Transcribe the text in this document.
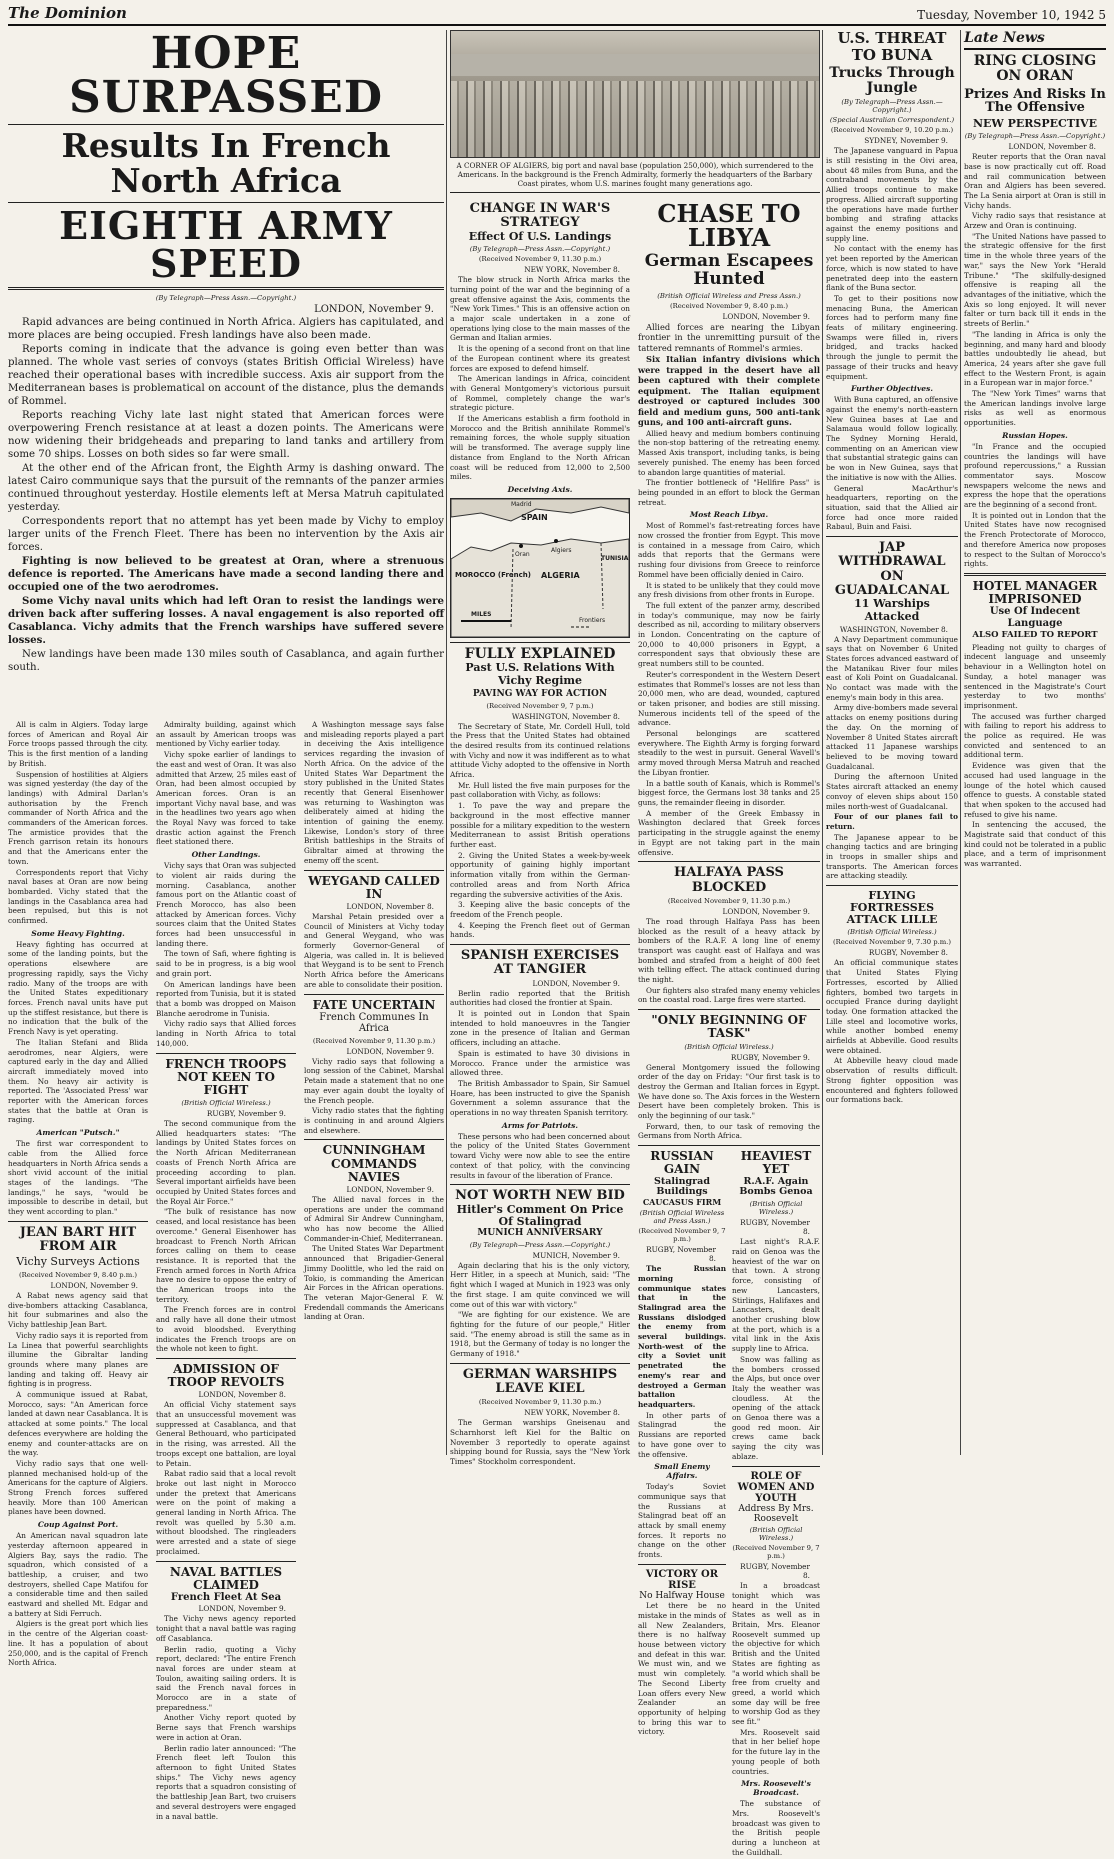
The Dominion	Tuesday, November 10, 1942 5
HOPE SURPASSED
Results In French North Africa
EIGHTH ARMY SPEED
(By Telegraph—Press Assn.—Copyright.)
LONDON, November 9.

Rapid advances are being continued in North Africa. Algiers has capitulated, and more places are being occupied. Fresh landings have also been made.

Reports coming in indicate that the advance is going even better than was planned. The whole vast series of convoys (states British Official Wireless) have reached their operational bases with incredible success. Axis air support from the Mediterranean bases is problematical on account of the distance, plus the demands of Rommel.

Reports reaching Vichy late last night stated that American forces were overpowering French resistance at at least a dozen points. The Americans were now widening their bridgeheads and preparing to land tanks and artillery from some 70 ships. Losses on both sides so far were small.

At the other end of the African front, the Eighth Army is dashing onward. The latest Cairo communique says that the pursuit of the remnants of the panzer armies continued throughout yesterday. Hostile elements left at Mersa Matruh capitulated yesterday.

Correspondents report that no attempt has yet been made by Vichy to employ larger units of the French Fleet. There has been no intervention by the Axis air forces.

Fighting is now believed to be greatest at Oran, where a strenuous defence is reported. The Americans have made a second landing there and occupied one of the two aerodromes.

Some Vichy naval units which had left Oran to resist the landings were driven back after suffering losses. A naval engagement is also reported off Casablanca. Vichy admits that the French warships have suffered severe losses.

New landings have been made 130 miles south of Casablanca, and again further south.

All is calm in Algiers. Today large forces of American and Royal Air Force troops passed through the city. This is the first mention of a landing by British.

Suspension of hostilities at Algiers was signed yesterday (the day of the landings) with Admiral Darlan's authorisation by the French commander of North Africa and the commanders of the American forces. The armistice provides that the French garrison retain its honours and that the Americans enter the town.

Correspondents report that Vichy naval bases at Oran are now being bombarded. Vichy stated that the landings in the Casablanca area had been repulsed, but this is not confirmed.

Some Heavy Fighting.

Heavy fighting has occurred at some of the landing points, but the operations elsewhere are progressing rapidly, says the Vichy radio. Many of the troops are with the United States expeditionary forces. French naval units have put up the stiffest resistance, but there is no indication that the bulk of the French Navy is yet operating.

The Italian Stefani and Blida aerodromes, near Algiers, were captured early in the day and Allied aircraft immediately moved into them. No heavy air activity is reported. The 'Associated Press' war reporter with the American forces states that the battle at Oran is raging.

American "Putsch."

The first war correspondent to cable from the Allied force headquarters in North Africa sends a short vivid account of the initial stages of the landings. "The landings," he says, "would be impossible to describe in detail, but they went according to plan."

JEAN BART HIT FROM AIR
Vichy Surveys Actions
(Received November 9, 8.40 p.m.)
LONDON, November 9.

A Rabat news agency said that dive-bombers attacking Casablanca, hit four submarines and also the Vichy battleship Jean Bart.

Vichy radio says it is reported from La Linea that powerful searchlights illumine the Gibraltar landing grounds where many planes are landing and taking off. Heavy air fighting is in progress.

A communique issued at Rabat, Morocco, says: "An American force landed at dawn near Casablanca. It is attacked at some points." The local defences everywhere are holding the enemy and counter-attacks are on the way.

Vichy radio says that one well-planned mechanised hold-up of the Americans for the capture of Algiers. Strong French forces suffered heavily. More than 100 American planes have been downed.

Coup Against Port.

An American naval squadron late yesterday afternoon appeared in Algiers Bay, says the radio. The squadron, which consisted of a battleship, a cruiser, and two destroyers, shelled Cape Matifou for a considerable time and then sailed eastward and shelled Mt. Edgar and a battery at Sidi Ferruch.

Algiers is the great port which lies in the centre of the Algerian coast-line. It has a population of about 250,000, and is the capital of French North Africa.

Admiralty building, against which an assault by American troops was mentioned by Vichy earlier today.

Vichy spoke earlier of landings to the east and west of Oran. It was also admitted that Arzew, 25 miles east of Oran, had been almost occupied by American forces. Oran is an important Vichy naval base, and was in the headlines two years ago when the Royal Navy was forced to take drastic action against the French fleet stationed there.

Other Landings.

Vichy says that Oran was subjected to violent air raids during the morning. Casablanca, another famous port on the Atlantic coast of French Morocco, has also been attacked by American forces. Vichy sources claim that the United States forces had been unsuccessful in landing there.

The town of Safi, where fighting is said to be in progress, is a big wool and grain port.

On American landings have been reported from Tunisia, but it is stated that a bomb was dropped on Maison Blanche aerodrome in Tunisia.

Vichy radio says that Allied forces landing in North Africa to total 140,000.

FRENCH TROOPS NOT KEEN TO FIGHT
(British Official Wireless.)
RUGBY, November 9.

The second communique from the Allied headquarters states: "The landings by United States forces on the North African Mediterranean coasts of French North Africa are proceeding according to plan. Several important airfields have been occupied by United States forces and the Royal Air Force."

"The bulk of resistance has now ceased, and local resistance has been overcome." General Eisenhower has broadcast to French North African forces calling on them to cease resistance. It is reported that the French armed forces in North Africa have no desire to oppose the entry of the American troops into the territory.

The French forces are in control and rally have all done their utmost to avoid bloodshed. Everything indicates the French troops are on the whole not keen to fight.

ADMISSION OF TROOP REVOLTS
LONDON, November 8.

An official Vichy statement says that an unsuccessful movement was suppressed at Casablanca, and that General Bethouard, who participated in the rising, was arrested. All the troops except one battalion, are loyal to Petain.

Rabat radio said that a local revolt broke out last night in Morocco under the pretext that Americans were on the point of making a general landing in North Africa. The revolt was quelled by 5.30 a.m. without bloodshed. The ringleaders were arrested and a state of siege proclaimed.

NAVAL BATTLES CLAIMED
French Fleet At Sea
LONDON, November 9.

The Vichy news agency reported tonight that a naval battle was raging off Casablanca.

Berlin radio, quoting a Vichy report, declared: "The entire French naval forces are under steam at Toulon, awaiting sailing orders. It is said the French naval forces in Morocco are in a state of preparedness."

Another Vichy report quoted by Berne says that French warships were in action at Oran.

Berlin radio later announced: "The French fleet left Toulon this afternoon to fight United States ships." The Vichy news agency reports that a squadron consisting of the battleship Jean Bart, two cruisers and several destroyers were engaged in a naval battle.

A Washington message says false and misleading reports played a part in deceiving the Axis intelligence services regarding the invasion of North Africa. On the advice of the United States War Department the story published in the United States recently that General Eisenhower was returning to Washington was deliberately aimed at hiding the intention of gaining the enemy. Likewise, London's story of three British battleships in the Straits of Gibraltar aimed at throwing the enemy off the scent.

WEYGAND CALLED IN
LONDON, November 8.

Marshal Petain presided over a Council of Ministers at Vichy today and General Weygand, who was formerly Governor-General of Algeria, was called in. It is believed that Weygand is to be sent to French North Africa before the Americans are able to consolidate their position.

FATE UNCERTAIN
French Communes In Africa
(Received November 9, 11.30 p.m.)
LONDON, November 9.

Vichy radio says that following a long session of the Cabinet, Marshal Petain made a statement that no one may ever again doubt the loyalty of the French people.

Vichy radio states that the fighting is continuing in and around Algiers and elsewhere.

CUNNINGHAM COMMANDS NAVIES
LONDON, November 9.

The Allied naval forces in the operations are under the command of Admiral Sir Andrew Cunningham, who has now become the Allied Commander-in-Chief, Mediterranean.

The United States War Department announced that Brigadier-General Jimmy Doolittle, who led the raid on Tokio, is commanding the American Air Forces in the African operations. The veteran Major-General F. W. Fredendall commands the Americans landing at Oran.

A CORNER OF ALGIERS, big port and naval base (population 250,000), which surrendered to the Americans. In the background is the French Admiralty, formerly the headquarters of the Barbary Coast pirates, whom U.S. marines fought many generations ago.
CHANGE IN WAR'S STRATEGY
Effect Of U.S. Landings
(By Telegraph—Press Assn.—Copyright.)
(Received November 9, 11.30 p.m.)
NEW YORK, November 8.

The blow struck in North Africa marks the turning point of the war and the beginning of a great offensive against the Axis, comments the "New York Times." This is an offensive action on a major scale undertaken in a zone of operations lying close to the main masses of the German and Italian armies.

It is the opening of a second front on that line of the European continent where its greatest forces are exposed to defend himself.

The American landings in Africa, coincident with General Montgomery's victorious pursuit of Rommel, completely change the war's strategic picture.

If the Americans establish a firm foothold in Morocco and the British annihilate Rommel's remaining forces, the whole supply situation will be transformed. The average supply line distance from England to the North African coast will be reduced from 12,000 to 2,500 miles.

Deceiving Axis.
SPAIN
Madrid
MOROCCO (French) ALGERIA
Oran
Algiers
TUNISIA
MILES
Frontiers
FULLY EXPLAINED
Past U.S. Relations With Vichy Regime
PAVING WAY FOR ACTION
(Received November 9, 7 p.m.)
WASHINGTON, November 8.

The Secretary of State, Mr. Cordell Hull, told the Press that the United States had obtained the desired results from its continued relations with Vichy and now it was indifferent as to what attitude Vichy adopted to the offensive in North Africa.

Mr. Hull listed the five main purposes for the past collaboration with Vichy, as follows:

1. To pave the way and prepare the background in the most effective manner possible for a military expedition to the western Mediterranean to assist British operations further east.

2. Giving the United States a week-by-week opportunity of gaining highly important information vitally from within the German-controlled areas and from North Africa regarding the subversive activities of the Axis.

3. Keeping alive the basic concepts of the freedom of the French people.

4. Keeping the French fleet out of German hands.

SPANISH EXERCISES AT TANGIER
LONDON, November 9.

Berlin radio reported that the British authorities had closed the frontier at Spain.

It is pointed out in London that Spain intended to hold manoeuvres in the Tangier zone in the presence of Italian and German officers, including an attache.

Spain is estimated to have 30 divisions in Morocco. France under the armistice was allowed three.

The British Ambassador to Spain, Sir Samuel Hoare, has been instructed to give the Spanish Government a solemn assurance that the operations in no way threaten Spanish territory.

Arms for Patriots.

These persons who had been concerned about the policy of the United States Government toward Vichy were now able to see the entire context of that policy, with the convincing results in favour of the liberation of France.

NOT WORTH NEW BID
Hitler's Comment On Price Of Stalingrad
MUNICH ANNIVERSARY
(By Telegraph—Press Assn.—Copyright.)
MUNICH, November 9.

Again declaring that his is the only victory, Herr Hitler, in a speech at Munich, said: "The fight which I waged at Munich in 1923 was only the first stage. I am quite convinced we will come out of this war with victory."

"We are fighting for our existence. We are fighting for the future of our people," Hitler said. "The enemy abroad is still the same as in 1918, but the Germany of today is no longer the Germany of 1918."

GERMAN WARSHIPS LEAVE KIEL
(Received November 9, 11.30 p.m.)
NEW YORK, November 8.

The German warships Gneisenau and Scharnhorst left Kiel for the Baltic on November 3 reportedly to operate against shipping bound for Russia, says the "New York Times" Stockholm correspondent.

CHASE TO LIBYA
German Escapees Hunted
(British Official Wireless and Press Assn.)
(Received November 9, 8.40 p.m.)
LONDON, November 9.

Allied forces are nearing the Libyan frontier in the unremitting pursuit of the tattered remnants of Rommel's armies.

Six Italian infantry divisions which were trapped in the desert have all been captured with their complete equipment. The Italian equipment destroyed or captured includes 300 field and medium guns, 500 anti-tank guns, and 100 anti-aircraft guns.

Allied heavy and medium bombers continuing the non-stop battering of the retreating enemy. Massed Axis transport, including tanks, is being severely punished. The enemy has been forced to abandon large quantities of material.

The frontier bottleneck of "Hellfire Pass" is being pounded in an effort to block the German retreat.

Most Reach Libya.

Most of Rommel's fast-retreating forces have now crossed the frontier from Egypt. This move is contained in a message from Cairo, which adds that reports that the Germans were rushing four divisions from Greece to reinforce Rommel have been officially denied in Cairo.

It is stated to be unlikely that they could move any fresh divisions from other fronts in Europe.

The full extent of the panzer army, described in today's communique, may now be fairly described as nil, according to military observers in London. Concentrating on the capture of 20,000 to 40,000 prisoners in Egypt, a correspondent says that obviously these are great numbers still to be counted.

Reuter's correspondent in the Western Desert estimates that Rommel's losses are not less than 20,000 men, who are dead, wounded, captured or taken prisoner, and bodies are still missing. Numerous incidents tell of the speed of the advance.

Personal belongings are scattered everywhere. The Eighth Army is forging forward steadily to the west in pursuit. General Wavell's army moved through Mersa Matruh and reached the Libyan frontier.

In a battle south of Kanais, which is Rommel's biggest force, the Germans lost 38 tanks and 25 guns, the remainder fleeing in disorder.

A member of the Greek Embassy in Washington declared that Greek forces participating in the struggle against the enemy in Egypt are not taking part in the main offensive.

HALFAYA PASS BLOCKED
(Received November 9, 11.30 p.m.)
LONDON, November 9.

The road through Halfaya Pass has been blocked as the result of a heavy attack by bombers of the R.A.F. A long line of enemy transport was caught east of Halfaya and was bombed and strafed from a height of 800 feet with telling effect. The attack continued during the night.

Our fighters also strafed many enemy vehicles on the coastal road. Large fires were started.

"ONLY BEGINNING OF TASK"
(British Official Wireless.)
RUGBY, November 9.

General Montgomery issued the following order of the day on Friday: "Our first task is to destroy the German and Italian forces in Egypt. We have done so. The Axis forces in the Western Desert have been completely broken. This is only the beginning of our task."

Forward, then, to our task of removing the Germans from North Africa.

RUSSIAN GAIN
Stalingrad Buildings
CAUCASUS FIRM
(British Official Wireless and Press Assn.)
(Received November 9, 7 p.m.)
RUGBY, November 8.

The Russian morning communique states that in the Stalingrad area the Russians dislodged the enemy from several buildings. North-west of the city a Soviet unit penetrated the enemy's rear and destroyed a German battalion headquarters.

In other parts of Stalingrad the Russians are reported to have gone over to the offensive.

Small Enemy Affairs.

Today's Soviet communique says that the Russians at Stalingrad beat off an attack by small enemy forces. It reports no change on the other fronts.

VICTORY OR RISE
No Halfway House

Let there be no mistake in the minds of all New Zealanders, there is no halfway house between victory and defeat in this war. We must win, and we must win completely. The Second Liberty Loan offers every New Zealander an opportunity of helping to bring this war to victory.

HEAVIEST YET
R.A.F. Again Bombs Genoa
(British Official Wireless.)
RUGBY, November 8.

Last night's R.A.F. raid on Genoa was the heaviest of the war on that town. A strong force, consisting of new Lancasters, Stirlings, Halifaxes and Lancasters, dealt another crushing blow at the port, which is a vital link in the Axis supply line to Africa.

Snow was falling as the bombers crossed the Alps, but once over Italy the weather was cloudless. At the opening of the attack on Genoa there was a good red moon. Air crews came back saying the city was ablaze.

ROLE OF WOMEN AND YOUTH
Address By Mrs. Roosevelt
(British Official Wireless.)
(Received November 9, 7 p.m.)
RUGBY, November 8.

In a broadcast tonight which was heard in the United States as well as in Britain, Mrs. Eleanor Roosevelt summed up the objective for which British and the United States are fighting as "a world which shall be free from cruelty and greed, a world which some day will be free to worship God as they see fit."

Mrs. Roosevelt said that in her belief hope for the future lay in the young people of both countries.

Mrs. Roosevelt's Broadcast.

The substance of Mrs. Roosevelt's broadcast was given to the British people during a luncheon at the Guildhall.

U.S. THREAT TO BUNA
Trucks Through Jungle
(By Telegraph—Press Assn.—Copyright.)
(Special Australian Correspondent.)
(Received November 9, 10.20 p.m.)
SYDNEY, November 9.

The Japanese vanguard in Papua is still resisting in the Oivi area, about 48 miles from Buna, and the contraband movements by the Allied troops continue to make progress. Allied aircraft supporting the operations have made further bombing and strafing attacks against the enemy positions and supply line.

No contact with the enemy has yet been reported by the American force, which is now stated to have penetrated deep into the eastern flank of the Buna sector.

To get to their positions now menacing Buna, the American forces had to perform many fine feats of military engineering. Swamps were filled in, rivers bridged, and tracks hacked through the jungle to permit the passage of their trucks and heavy equipment.

Further Objectives.

With Buna captured, an offensive against the enemy's north-eastern New Guinea bases at Lae and Salamaua would follow logically. The Sydney Morning Herald, commenting on an American view that substantial strategic gains can be won in New Guinea, says that the initiative is now with the Allies.

General MacArthur's headquarters, reporting on the situation, said that the Allied air force had once more raided Rabaul, Buin and Faisi.

JAP WITHDRAWAL ON GUADALCANAL
11 Warships Attacked
WASHINGTON, November 8.

A Navy Department communique says that on November 6 United States forces advanced eastward of the Matanikau River four miles east of Koli Point on Guadalcanal. No contact was made with the enemy's main body in this area.

Army dive-bombers made several attacks on enemy positions during the day. On the morning of November 8 United States aircraft attacked 11 Japanese warships believed to be moving toward Guadalcanal.

During the afternoon United States aircraft attacked an enemy convoy of eleven ships about 150 miles north-west of Guadalcanal.

Four of our planes fail to return.

The Japanese appear to be changing tactics and are bringing in troops in smaller ships and transports. The American forces are attacking steadily.

FLYING FORTRESSES ATTACK LILLE
(British Official Wireless.)
(Received November 9, 7.30 p.m.)
RUGBY, November 8.

An official communique states that United States Flying Fortresses, escorted by Allied fighters, bombed two targets in occupied France during daylight today. One formation attacked the Lille steel and locomotive works, while another bombed enemy airfields at Abbeville. Good results were obtained.

At Abbeville heavy cloud made observation of results difficult. Strong fighter opposition was encountered and fighters followed our formations back.

Late News
RING CLOSING ON ORAN
Prizes And Risks In The Offensive
NEW PERSPECTIVE
(By Telegraph—Press Assn.—Copyright.)
LONDON, November 8.

Reuter reports that the Oran naval base is now practically cut off. Road and rail communication between Oran and Algiers has been severed. The La Senia airport at Oran is still in Vichy hands.

Vichy radio says that resistance at Arzew and Oran is continuing.

"The United Nations have passed to the strategic offensive for the first time in the whole three years of the war," says the New York "Herald Tribune." "The skilfully-designed offensive is reaping all the advantages of the initiative, which the Axis so long enjoyed. It will never falter or turn back till it ends in the streets of Berlin."

"The landing in Africa is only the beginning, and many hard and bloody battles undoubtedly lie ahead, but America, 24 years after she gave full effect to the Western Front, is again in a European war in major force."

The "New York Times" warns that the American landings involve large risks as well as enormous opportunities.

Russian Hopes.

"In France and the occupied countries the landings will have profound repercussions," a Russian commentator says. Moscow newspapers welcome the news and express the hope that the operations are the beginning of a second front.

It is pointed out in London that the United States have now recognised the French Protectorate of Morocco, and therefore America now proposes to respect to the Sultan of Morocco's rights.

HOTEL MANAGER IMPRISONED
Use Of Indecent Language
ALSO FAILED TO REPORT

Pleading not guilty to charges of indecent language and unseemly behaviour in a Wellington hotel on Sunday, a hotel manager was sentenced in the Magistrate's Court yesterday to two months' imprisonment.

The accused was further charged with failing to report his address to the police as required. He was convicted and sentenced to an additional term.

Evidence was given that the accused had used language in the lounge of the hotel which caused offence to guests. A constable stated that when spoken to the accused had refused to give his name.

In sentencing the accused, the Magistrate said that conduct of this kind could not be tolerated in a public place, and a term of imprisonment was warranted.
